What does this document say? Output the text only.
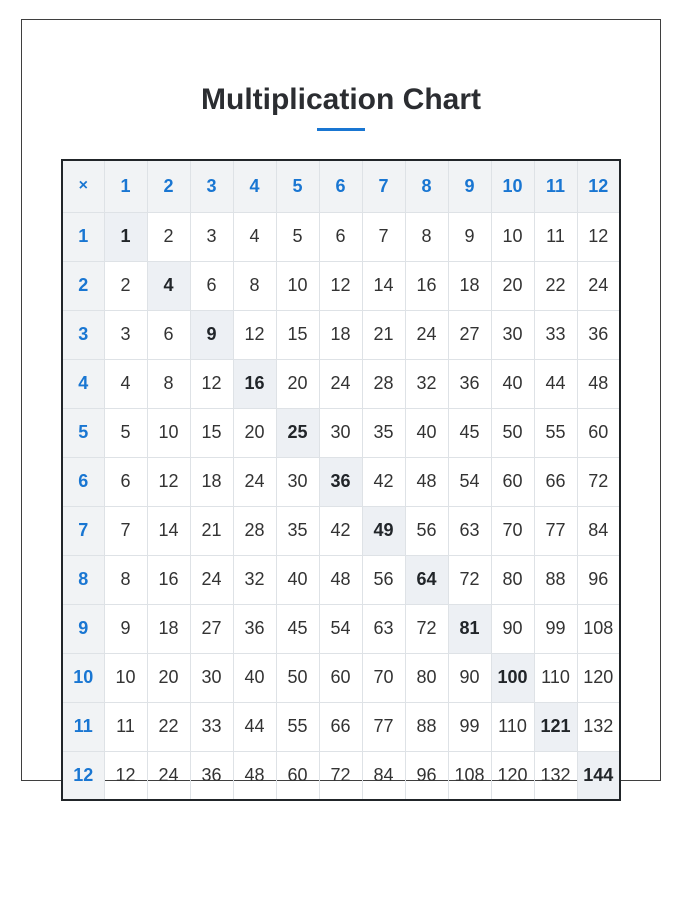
Multiplication Chart
×	1	2	3	4	5	6	7	8	9	10	11	12
1	1	2	3	4	5	6	7	8	9	10	11	12
2	2	4	6	8	10	12	14	16	18	20	22	24
3	3	6	9	12	15	18	21	24	27	30	33	36
4	4	8	12	16	20	24	28	32	36	40	44	48
5	5	10	15	20	25	30	35	40	45	50	55	60
6	6	12	18	24	30	36	42	48	54	60	66	72
7	7	14	21	28	35	42	49	56	63	70	77	84
8	8	16	24	32	40	48	56	64	72	80	88	96
9	9	18	27	36	45	54	63	72	81	90	99	108
10	10	20	30	40	50	60	70	80	90	100	110	120
11	11	22	33	44	55	66	77	88	99	110	121	132
12	12	24	36	48	60	72	84	96	108	120	132	144
